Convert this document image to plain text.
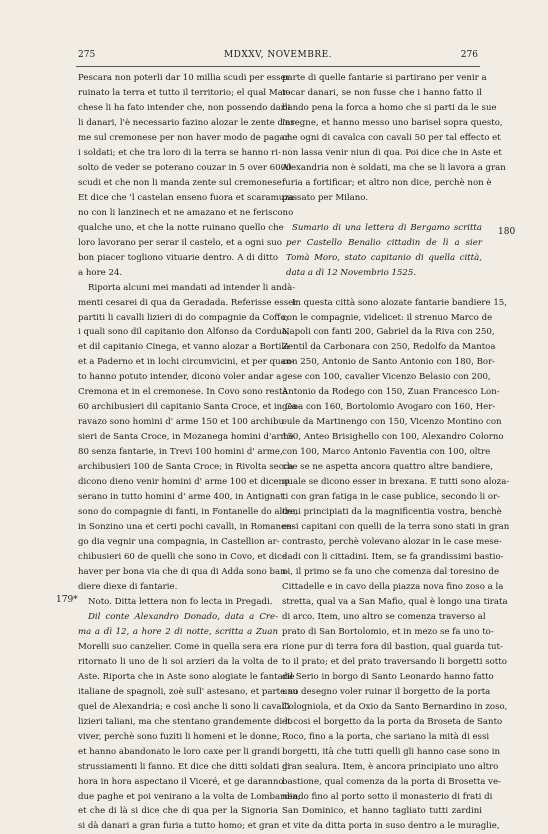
275	MDXXV, NOVEMBRE.	276
Pescara non poterli dar 10 millia scudi per esser
ruinato la terra et tutto il territorio; el qual Mar-
chese li ha fato intender che, non possendo darli
li danari, l'è necessario fazino alozar le zente d'ar-
me sul cremonese per non haver modo de pagar
i soldati; et che tra loro di la terra se hanno ri-
solto de veder se poterano couzar in 5 over 6000
scudi et che non li manda zente sul cremonese.
Et dice che 'l castelan enseno fuora et scaramuza-
no con li lanzinech et ne amazano et ne feriscono
qualche uno, et che la notte ruinano quello che
loro lavorano per serar il castelo, et a ogni suo
bon piacer togliono vituarie dentro. A di ditto
a hore 24.
Riporta alcuni mei mandati ad intender li andà-
menti cesarei di qua da Geradada. Referisse esser
partiti li cavalli lizieri di do compagnie da Coffo;
i quali sono dil capitanio don Alfonso da Cordua,
et dil capitanio Cinega, et vanno alozar a Bortila
et a Paderno et in lochi circumvicini, et per quan-
to hanno potuto intender, dicono voler andar a
Cremona et in el cremonese. In Covo sono restà
60 archibusieri dil capitanio Santa Croce, et in Ca-
ravazo sono homini d' arme 150 et 100 archibu-
sieri de Santa Croce, in Mozanega homini d'arme
80 senza fantarie, in Trevi 100 homini d' arme,
archibusieri 100 de Santa Croce; in Rivolta secca
dicono dieno venir homini d' arme 100 et diceno
serano in tutto homini d' arme 400, in Antignat
sono do compagnie di fanti, in Fontanelle do altre,
in Sonzino una et certi pochi cavalli, in Romanen-
go dia vegnir una compagnia, in Castellion ar-
chibusieri 60 de quelli che sono in Covo, et dice
haver per bona via che di qua di Adda sono ban-
diere diexe di fantarie.
Noto. Ditta lettera non fo lecta in Pregadi.
Dil conte Alexandro Donado, data a Cre-
ma a dì 12, a hore 2 di notte, scritta a Zuan
Morelli suo canzelier. Come in quella sera era
ritornato li uno de li soi arzieri da la volta de
Aste. Riporta che in Aste sono alogiate le fantarie
italiane de spagnoli, zoè sull' astesano, et parte su
quel de Alexandria; e così anche li sono li cavalli
lizieri taliani, ma che stentano grandemente di lo
viver, perchè sono fuziti li homeni et le donne,
et hanno abandonato le loro caxe per li grandi
strussiamenti li fanno. Et dice che ditti soldati di
hora in hora aspectano il Viceré, et ge daranno
due paghe et poi venirano a la volta de Lombardia;
et che di là si dice che di qua per la Signoria
si dà danari a gran furia a tutto homo; et gran
parte di quelle fantarie si partirano per venir a
tocar danari, se non fusse che i hanno fatto il
bando pena la forca a homo che si parti da le sue
insegne, et hanno messo uno barisel sopra questo,
che ogni di cavalca con cavali 50 per tal effecto et
non lassa venir niun di qua. Poi dice che in Aste et
Alexandria non è soldati, ma che se li lavora a gran
furia a fortificar; et altro non dice, perchè non è
passato per Milano.
Sumario di una lettera di Bergamo scritta
per Castello Benalio cittadin de lì a sier
Tomà Moro, stato capitanio di quella città,
data a dì 12 Novembrio 1525.
In questa città sono alozate fantarie bandiere 15,
con le compagnie, videlicet: il strenuo Marco de
Napoli con fanti 200, Gabriel da la Riva con 250,
Zentil da Carbonara con 250, Redolfo da Mantoa
con 250, Antonio de Santo Antonio con 180, Bor-
gese con 100, cavalier Vicenzo Belasio con 200,
Antonio da Rodego con 150, Zuan Francesco Lon-
gena con 160, Bortolomio Avogaro con 160, Her-
cule da Martinengo con 150, Vicenzo Montino con
150, Anteo Brisighello con 100, Alexandro Colorno
con 100, Marco Antonio Faventia con 100, oltre
che se ne aspetta ancora quattro altre bandiere,
quale se dicono esser in brexana. E tutti sono aloza-
ti con gran fatiga in le case publice, secondo li or-
deni principiati da la magnificentia vostra, benchè
essi capitani con quelli de la terra sono stati in gran
contrasto, perchè volevano alozar in le case mese-
dadi con li cittadini. Item, se fa grandissimi bastio-
ni, il primo se fa uno che comenza dal toresino de
Cittadelle e in cavo della piazza nova fino zoso a la
stretta, qual va a San Mafio, qual è longo una tirata
di arco. Item, uno altro se comenza traverso al
prato di San Bortolomio, et in mezo se fa uno to-
rione pur di terra fora dil bastion, qual guarda tut-
to il prato; et del prato traversando li borgetti sotto
dil Serio in borgo di Santo Leonardo hanno fatto
uno desegno voler ruinar il borgetto de la porta
Cologniola, et da Oxio da Santo Bernardino in zoso,
et cosi el borgetto da la porta da Broseta de Santo
Roco, fino a la porta, che sariano la mità di essi
borgetti, ità che tutti quelli gli hanno case sono in
gran sealura. Item, è ancora principiato uno altro
bastione, qual comenza da la porta di Brosetta ve-
nendo fino al porto sotto il monasterio di frati di
San Dominico, et hanno tagliato tutti zardini
et vite da ditta porta in suso dentro a le muraglie,
179*
180
